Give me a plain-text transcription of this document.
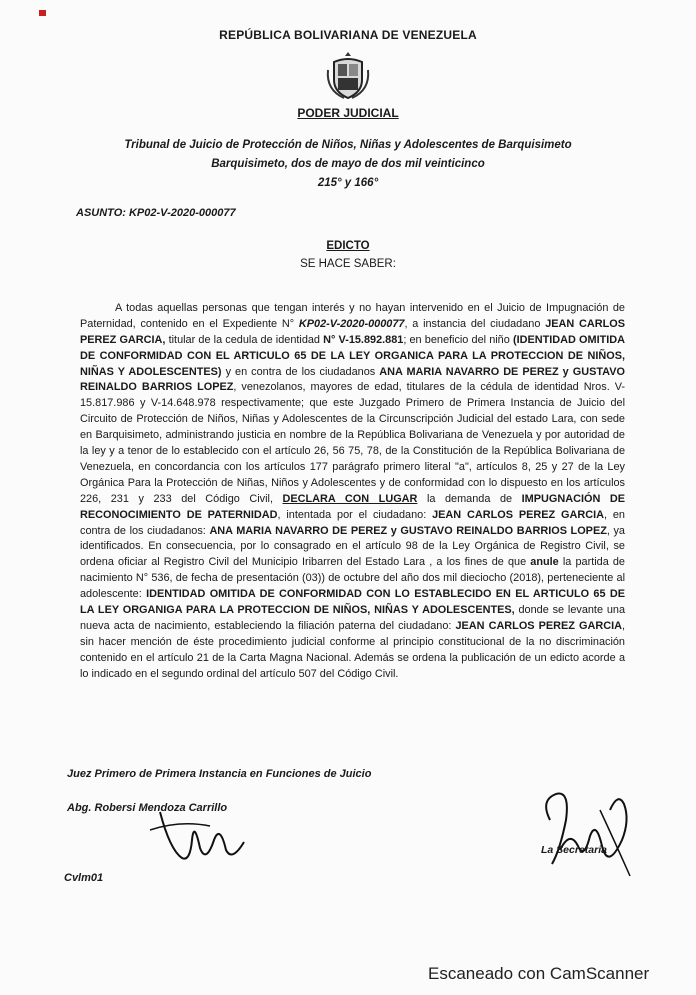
REPÚBLICA BOLIVARIANA DE VENEZUELA
PODER JUDICIAL
Tribunal de Juicio de Protección de Niños, Niñas y Adolescentes de Barquisimeto
Barquisimeto, dos de mayo de dos mil veinticinco
215° y 166°
ASUNTO: KP02-V-2020-000077
EDICTO
SE HACE SABER:

A todas aquellas personas que tengan interés y no hayan intervenido en el Juicio de Impugnación de Paternidad, contenido en el Expediente N° KP02-V-2020-000077, a instancia del ciudadano JEAN CARLOS PEREZ GARCIA, titular de la cedula de identidad N° V-15.892.881; en beneficio del niño (IDENTIDAD OMITIDA DE CONFORMIDAD CON EL ARTICULO 65 DE LA LEY ORGANICA PARA LA PROTECCION DE NIÑOS, NIÑAS Y ADOLESCENTES) y en contra de los ciudadanos ANA MARIA NAVARRO DE PEREZ y GUSTAVO REINALDO BARRIOS LOPEZ, venezolanos, mayores de edad, titulares de la cédula de identidad Nros. V-15.817.986 y V-14.648.978 respectivamente; que este Juzgado Primero de Primera Instancia de Juicio del Circuito de Protección de Niños, Niñas y Adolescentes de la Circunscripción Judicial del estado Lara, con sede en Barquisimeto, administrando justicia en nombre de la República Bolivariana de Venezuela y por autoridad de la ley y a tenor de lo establecido con el artículo 26, 56 75, 78, de la Constitución de la República Bolivariana de Venezuela, en concordancia con los artículos 177 parágrafo primero literal "a", artículos 8, 25 y 27 de la Ley Orgánica Para la Protección de Niñas, Niños y Adolescentes y de conformidad con lo dispuesto en los artículos 226, 231 y 233 del Código Civil, DECLARA CON LUGAR la demanda de IMPUGNACIÓN DE RECONOCIMIENTO DE PATERNIDAD, intentada por el ciudadano: JEAN CARLOS PEREZ GARCIA, en contra de los ciudadanos: ANA MARIA NAVARRO DE PEREZ y GUSTAVO REINALDO BARRIOS LOPEZ, ya identificados. En consecuencia, por lo consagrado en el artículo 98 de la Ley Orgánica de Registro Civil, se ordena oficiar al Registro Civil del Municipio Iribarren del Estado Lara , a los fines de que anule la partida de nacimiento N° 536, de fecha de presentación (03)) de octubre del año dos mil dieciocho (2018), perteneciente al adolescente: IDENTIDAD OMITIDA DE CONFORMIDAD CON LO ESTABLECIDO EN EL ARTICULO 65 DE LA LEY ORGANIGA PARA LA PROTECCION DE NIÑOS, NIÑAS Y ADOLESCENTES, donde se levante una nueva acta de nacimiento, estableciendo la filiación paterna del ciudadano: JEAN CARLOS PEREZ GARCIA, sin hacer mención de éste procedimiento judicial conforme al principio constitucional de la no discriminación contenido en el artículo 21 de la Carta Magna Nacional. Además se ordena la publicación de un edicto acorde a lo indicado en el segundo ordinal del artículo 507 del Código Civil.

Juez Primero de Primera Instancia en Funciones de Juicio
Abg. Robersi Mendoza Carrillo
La Secretaria
Cvlm01
Escaneado con CamScanner
